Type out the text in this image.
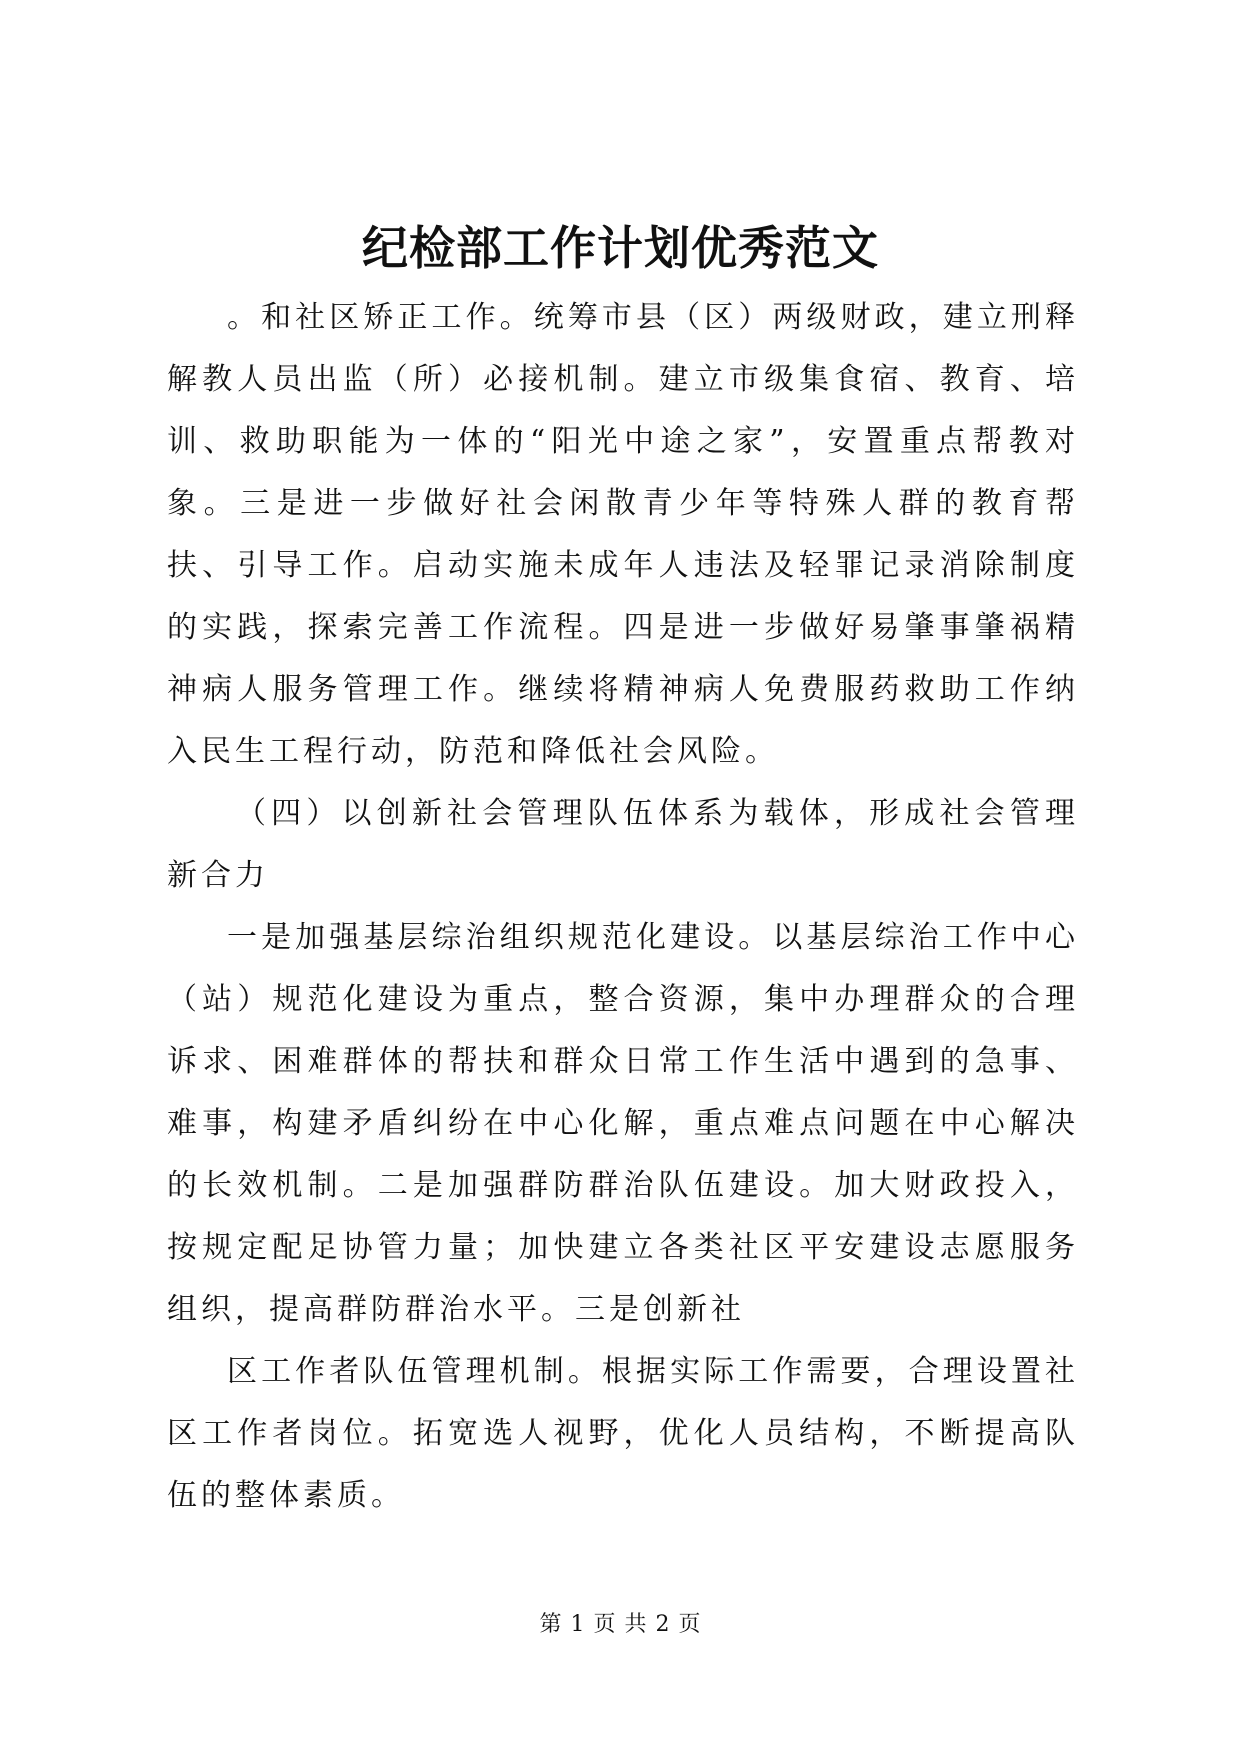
纪检部工作计划优秀范文

。和社区矫正工作。统筹市县（区）两级财政，建立刑释解教人员出监（所）必接机制。建立市级集食宿、教育、培训、救助职能为一体的“阳光中途之家”，安置重点帮教对象。三是进一步做好社会闲散青少年等特殊人群的教育帮扶、引导工作。启动实施未成年人违法及轻罪记录消除制度的实践，探索完善工作流程。四是进一步做好易肇事肇祸精神病人服务管理工作。继续将精神病人免费服药救助工作纳入民生工程行动，防范和降低社会风险。

（四）以创新社会管理队伍体系为载体，形成社会管理新合力

一是加强基层综治组织规范化建设。以基层综治工作中心（站）规范化建设为重点，整合资源，集中办理群众的合理诉求、困难群体的帮扶和群众日常工作生活中遇到的急事、难事，构建矛盾纠纷在中心化解，重点难点问题在中心解决的长效机制。二是加强群防群治队伍建设。加大财政投入，按规定配足协管力量；加快建立各类社区平安建设志愿服务组织，提高群防群治水平。三是创新社

区工作者队伍管理机制。根据实际工作需要，合理设置社区工作者岗位。拓宽选人视野，优化人员结构，不断提高队伍的整体素质。

第 1 页 共 2 页
